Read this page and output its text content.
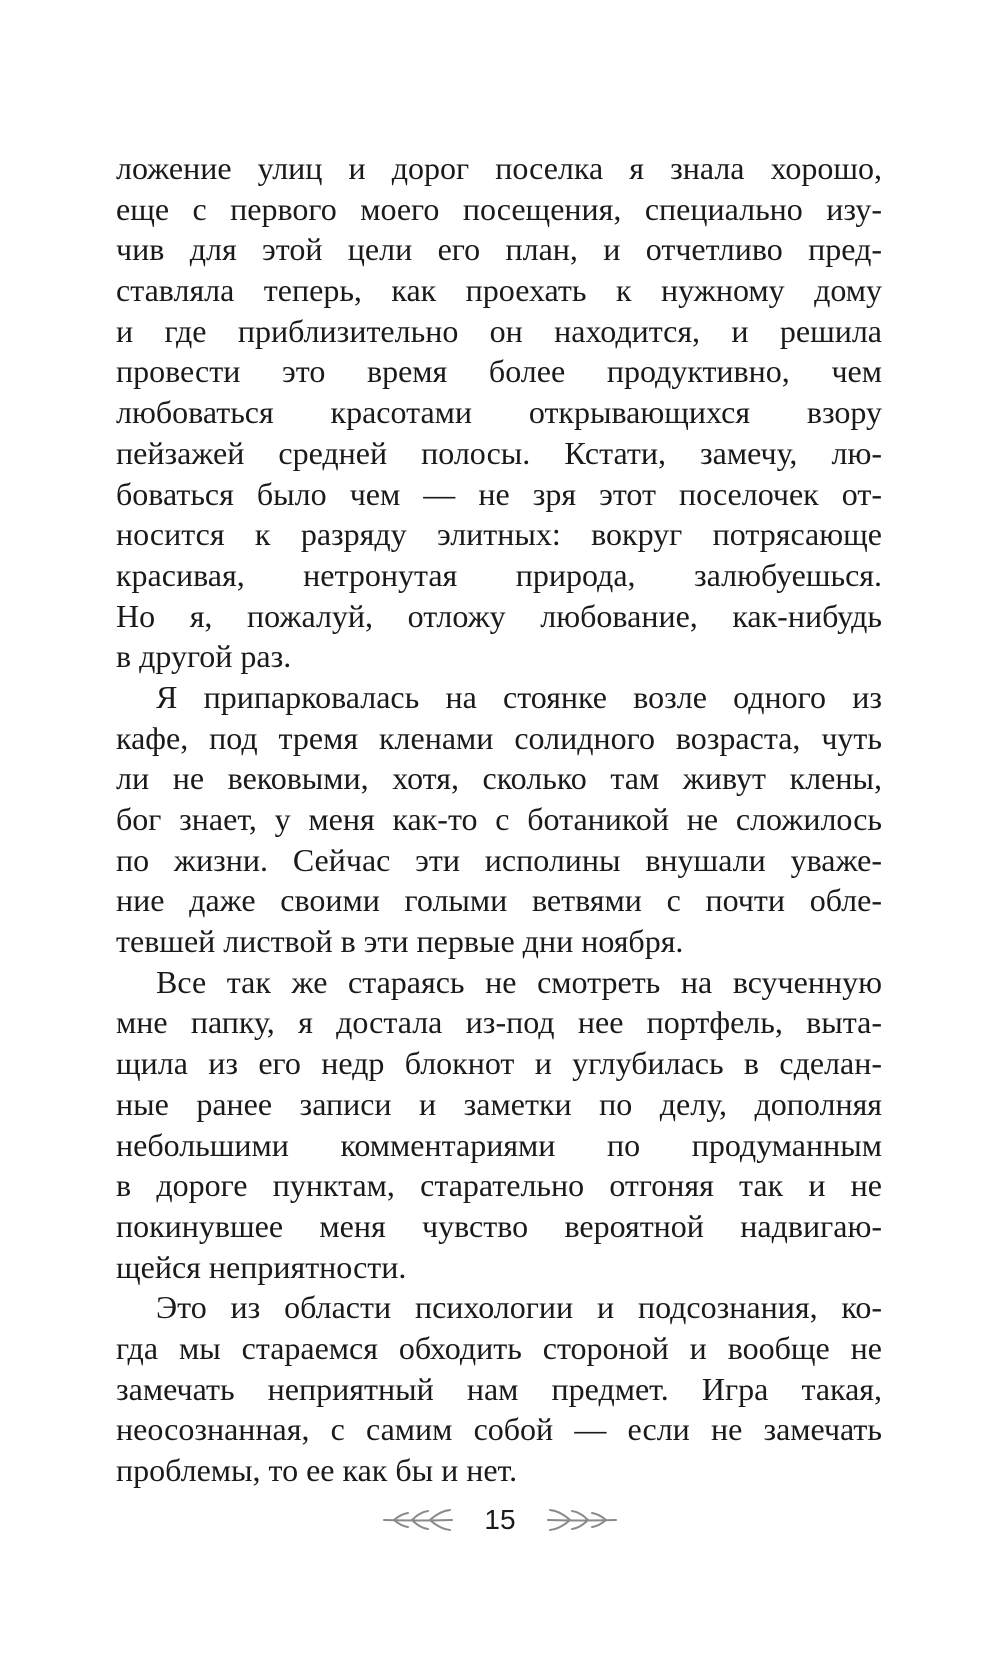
ложение улиц и дорог поселка я знала хорошо,
еще с первого моего посещения, специально изу-
чив для этой цели его план, и отчетливо пред-
ставляла теперь, как проехать к нужному дому
и где приблизительно он находится, и решила
провести это время более продуктивно, чем
любоваться красотами открывающихся взору
пейзажей средней полосы. Кстати, замечу, лю-
боваться было чем — не зря этот поселочек от-
носится к разряду элитных: вокруг потрясающе
красивая, нетронутая природа, залюбуешься.
Но я, пожалуй, отложу любование, как-нибудь
в другой раз.
Я припарковалась на стоянке возле одного из
кафе, под тремя кленами солидного возраста, чуть
ли не вековыми, хотя, сколько там живут клены,
бог знает, у меня как-то с ботаникой не сложилось
по жизни. Сейчас эти исполины внушали уваже-
ние даже своими голыми ветвями с почти обле-
тевшей листвой в эти первые дни ноября.
Все так же стараясь не смотреть на всученную
мне папку, я достала из-под нее портфель, выта-
щила из его недр блокнот и углубилась в сделан-
ные ранее записи и заметки по делу, дополняя
небольшими комментариями по продуманным
в дороге пунктам, старательно отгоняя так и не
покинувшее меня чувство вероятной надвигаю-
щейся неприятности.
Это из области психологии и подсознания, ко-
гда мы стараемся обходить стороной и вообще не
замечать неприятный нам предмет. Игра такая,
неосознанная, с самим собой — если не замечать
проблемы, то ее как бы и нет.
15
